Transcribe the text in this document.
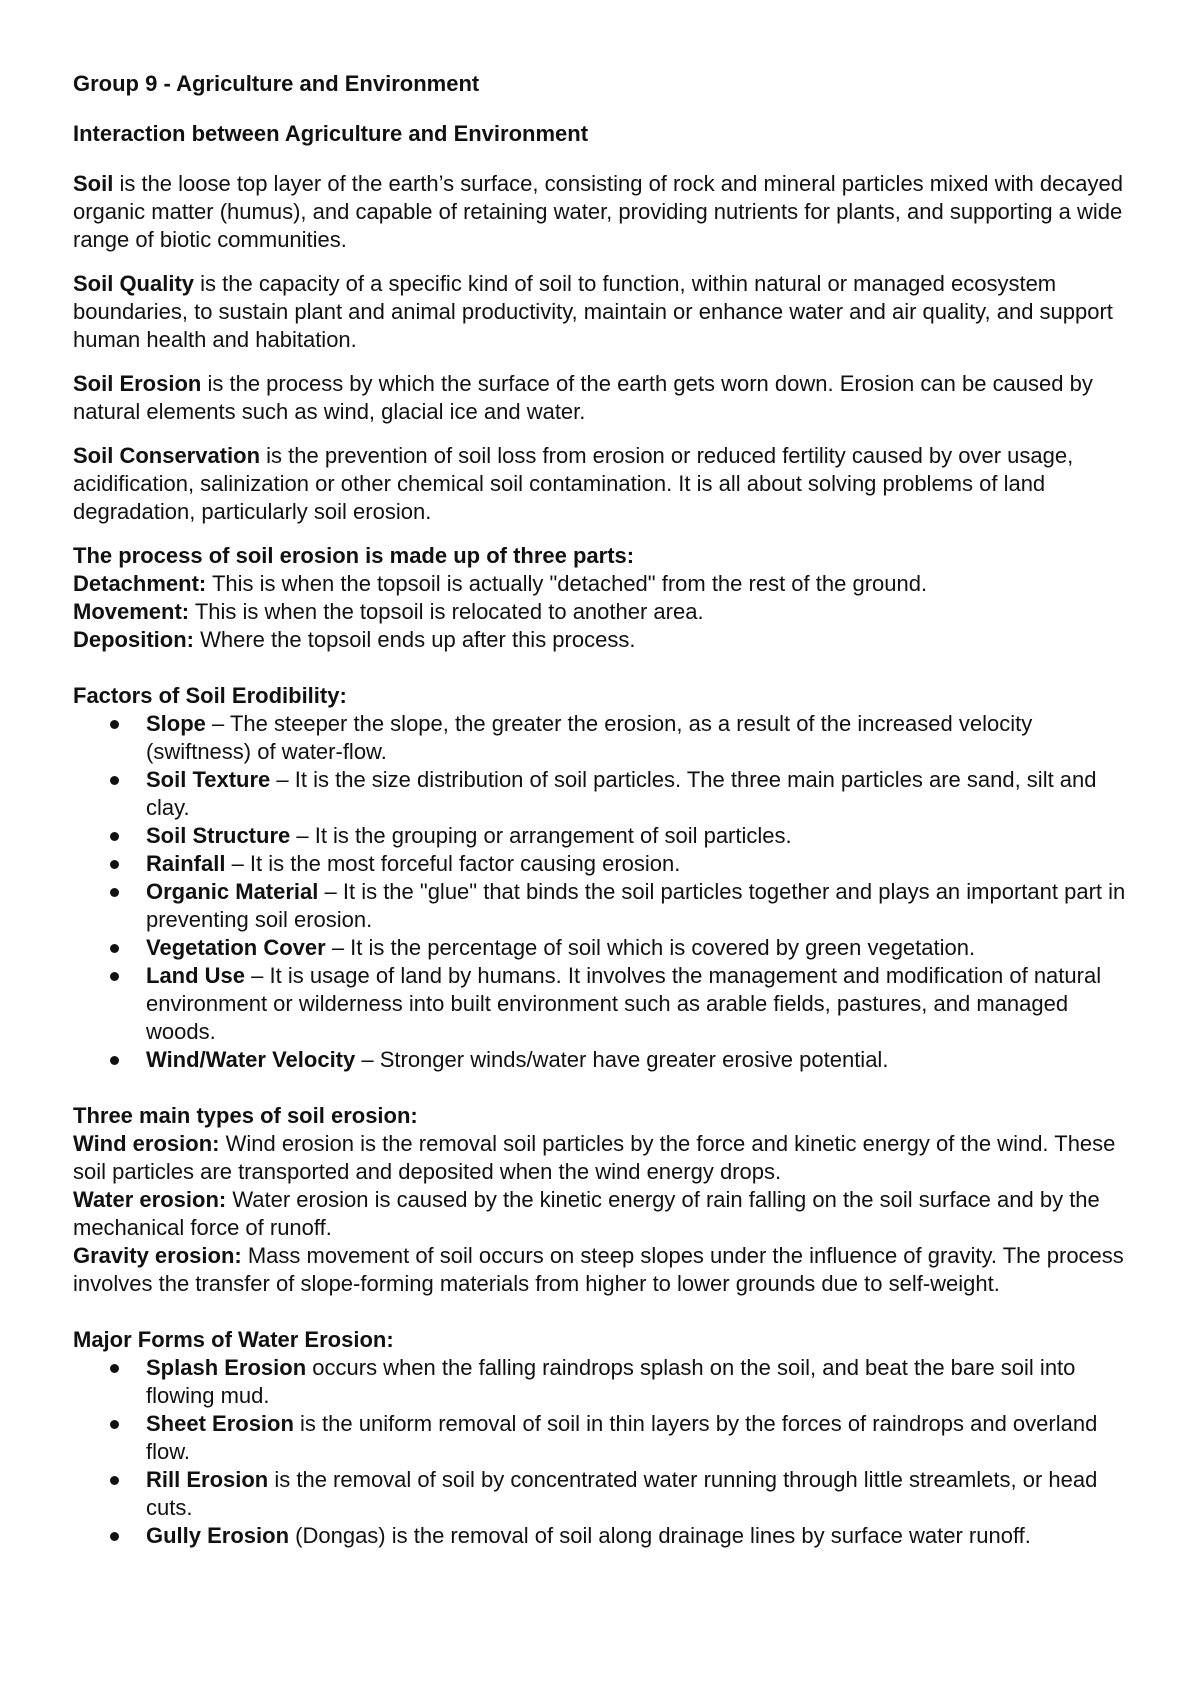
Group 9 - Agriculture and Environment

Interaction between Agriculture and Environment

Soil is the loose top layer of the earth’s surface, consisting of rock and mineral particles mixed with decayed organic matter (humus), and capable of retaining water, providing nutrients for plants, and supporting a wide range of biotic communities.

Soil Quality is the capacity of a specific kind of soil to function, within natural or managed ecosystem boundaries, to sustain plant and animal productivity, maintain or enhance water and air quality, and support human health and habitation.

Soil Erosion is the process by which the surface of the earth gets worn down. Erosion can be caused by natural elements such as wind, glacial ice and water.

Soil Conservation is the prevention of soil loss from erosion or reduced fertility caused by over usage, acidification, salinization or other chemical soil contamination. It is all about solving problems of land degradation, particularly soil erosion.

The process of soil erosion is made up of three parts:

Detachment: This is when the topsoil is actually "detached" from the rest of the ground.

Movement: This is when the topsoil is relocated to another area.

Deposition: Where the topsoil ends up after this process.

Factors of Soil Erodibility:

Slope – The steeper the slope, the greater the erosion, as a result of the increased velocity (swiftness) of water-flow.
Soil Texture – It is the size distribution of soil particles. The three main particles are sand, silt and clay.
Soil Structure – It is the grouping or arrangement of soil particles.
Rainfall – It is the most forceful factor causing erosion.
Organic Material – It is the "glue" that binds the soil particles together and plays an important part in preventing soil erosion.
Vegetation Cover – It is the percentage of soil which is covered by green vegetation.
Land Use – It is usage of land by humans. It involves the management and modification of natural environment or wilderness into built environment such as arable fields, pastures, and managed woods.
Wind/Water Velocity – Stronger winds/water have greater erosive potential.

Three main types of soil erosion:

Wind erosion: Wind erosion is the removal soil particles by the force and kinetic energy of the wind. These soil particles are transported and deposited when the wind energy drops.

Water erosion: Water erosion is caused by the kinetic energy of rain falling on the soil surface and by the mechanical force of runoff.

Gravity erosion: Mass movement of soil occurs on steep slopes under the influence of gravity. The process involves the transfer of slope-forming materials from higher to lower grounds due to self-weight.

Major Forms of Water Erosion:

Splash Erosion occurs when the falling raindrops splash on the soil, and beat the bare soil into flowing mud.
Sheet Erosion is the uniform removal of soil in thin layers by the forces of raindrops and overland flow.
Rill Erosion is the removal of soil by concentrated water running through little streamlets, or head cuts.
Gully Erosion (Dongas) is the removal of soil along drainage lines by surface water runoff.
